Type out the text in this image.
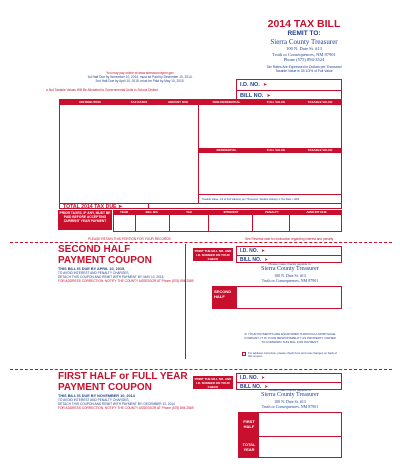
2014 TAX BILL
REMIT TO:
Sierra County Treasurer
100 N. Date St. #13
Truth or Consequences, NM 87901
Phone (575) 894-3524
Tax Rates Are Expressed in Dollars per Thousand
Taxable Value is 33 1/3% of Full Value
You may pay online at www.sierracountynm.gov
1st Half Due by November 10, 2014, must be Paid by December 10, 2014.
2nd Half Due by April 10, 2015, must be Paid by May 10, 2015.
● Not Taxable Values Will Be Allocated to Governmental Units in School District
I.D. NO. ➤
BILL NO. ➤
DISTRIBUTION	TAX RATES	AMOUNT DUE	NON-RESIDENTIAL	FULL VALUE	TAXABLE VALUE
RESIDENTIAL	FULL VALUE	TAXABLE VALUE
Taxable Value: 1/3 of Full Value(s) per Thousand. Taxable Value(s) x Tax Rate / 1000
TOTAL 2014 TAX DUE ➤
PRIOR TAXES, IF ANY, MUST BE PAID BEFORE ACCEPTING CURRENT YEAR PAYMENT
YEAR	BILL NO.	TAX	INTEREST	PENALTY	AMOUNT DUE
PLEASE RETAIN THIS PORTION FOR YOUR RECORDS	See Reverse side for instruction regarding interest and penalty
SECOND HALF
PAYMENT COUPON
THIS BILL IS DUE BY APRIL 10, 2015.
TO AVOID INTEREST AND PENALTY CHARGES,
DETACH THIS COUPON AND REMIT WITH PAYMENT BY: MAY 10, 2015.
FOR ADDRESS CORRECTION, NOTIFY THE COUNTY ASSESSOR AT Phone (575) 894-2589
PRINT THE BILL NO. AND I.D. NUMBER ON YOUR CHECK
Please make checks payable to:
Sierra County Treasurer
100 N. Date St. #13
Truth or Consequences, NM 87901
I.D. NO. ➤
BILL NO. ➤
SECOND HALF
IF YOUR PAYMENTS ARE ESCROWED THROUGH A MORTGAGE COMPANY, IT IS YOUR RESPONSIBILITY AS PROPERTY OWNER TO FORWARD THIS BILL FOR PAYMENT.
For address correction, please check here and note changes on back of this coupon
FIRST HALF or FULL YEAR
PAYMENT COUPON
THIS BILL IS DUE BY NOVEMBER 10, 2014
TO AVOID INTEREST AND PENALTY CHARGES,
DETACH THIS COUPON AND REMIT WITH PAYMENT BY: DECEMBER 10, 2014
FOR ADDRESS CORRECTION, NOTIFY THE COUNTY ASSESSOR AT Phone (575) 894-2589
PRINT THE BILL NO. AND I.D. NUMBER ON YOUR CHECK
I.D. NO. ➤
BILL NO. ➤
Please make checks payable to:
Sierra County Treasurer
100 N. Date St. #13
Truth or Consequences, NM 87901
FIRST HALF
TOTAL YEAR
